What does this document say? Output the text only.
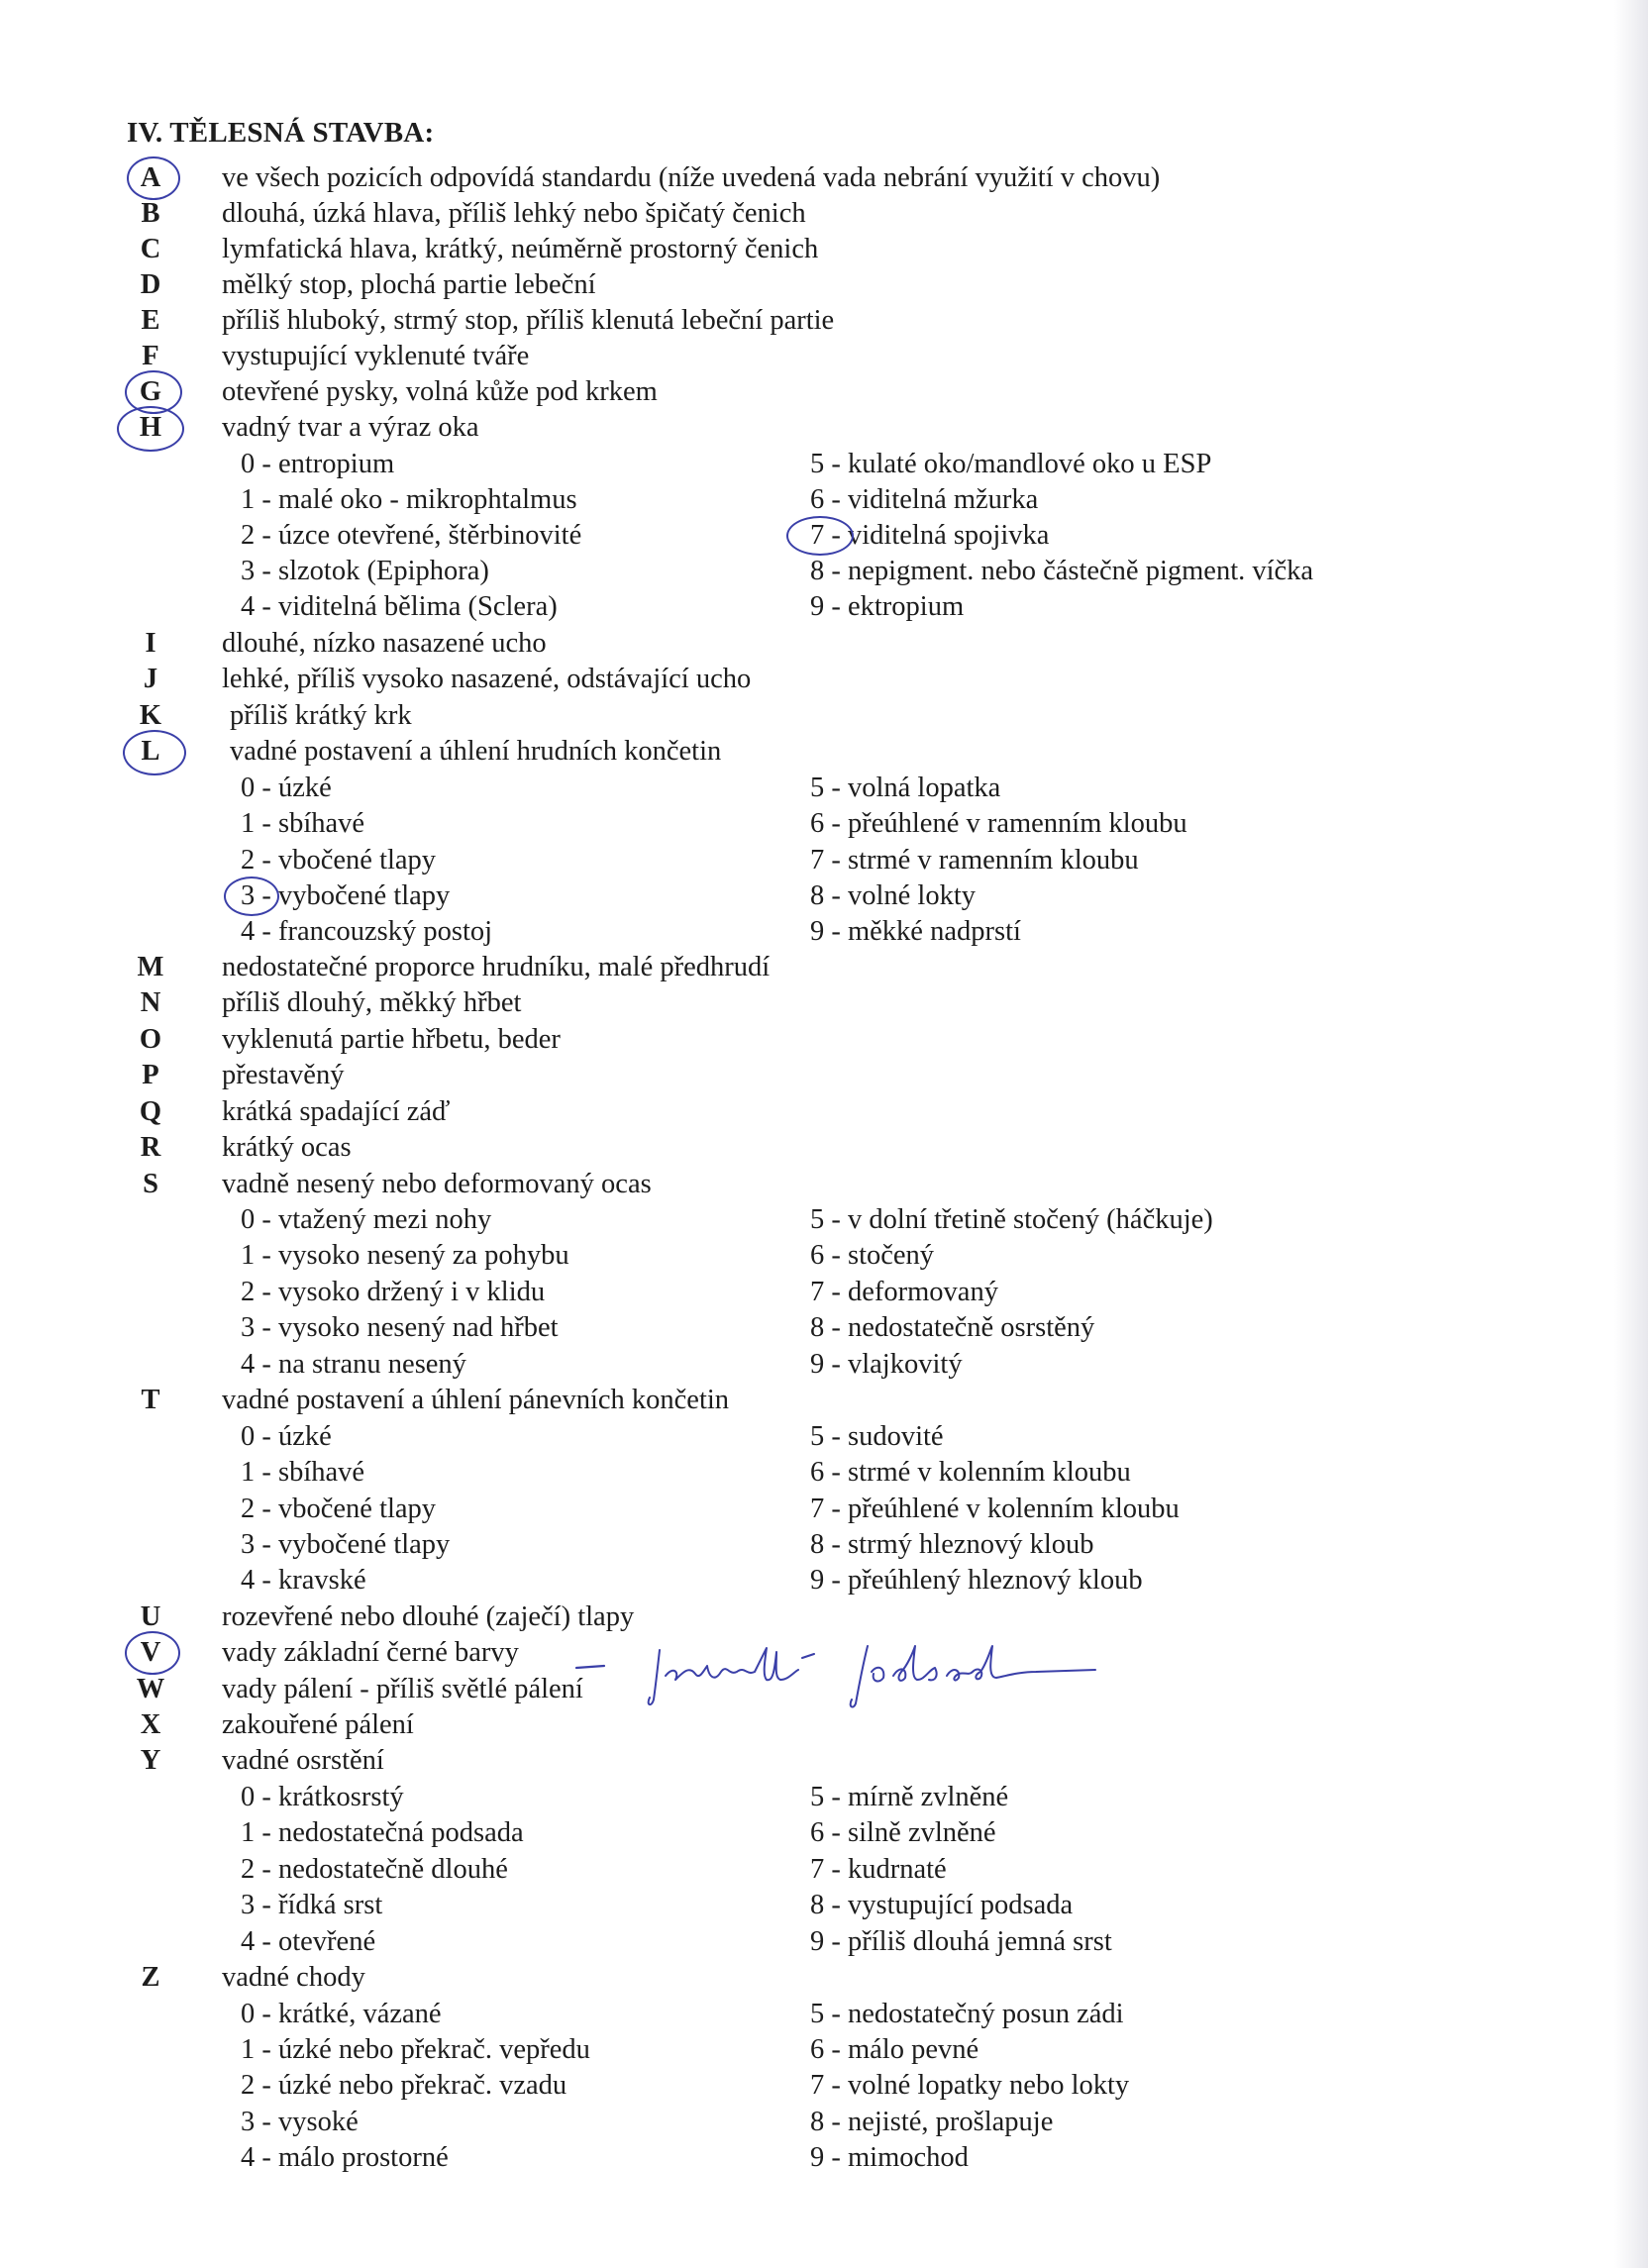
IV. TĚLESNÁ STAVBA:
A	ve všech pozicích odpovídá standardu (níže uvedená vada nebrání využití v chovu)
B	dlouhá, úzká hlava, příliš lehký nebo špičatý čenich
C	lymfatická hlava, krátký, neúměrně prostorný čenich
D	mělký stop, plochá partie lebeční
E	příliš hluboký, strmý stop, příliš klenutá lebeční partie
F	vystupující vyklenuté tváře
G	otevřené pysky, volná kůže pod krkem
H	vadný tvar a výraz oka
0 - entropium	5 - kulaté oko/mandlové oko u ESP
1 - malé oko - mikrophtalmus	6 - viditelná mžurka
2 - úzce otevřené, štěrbinovité	7 - viditelná spojivka
3 - slzotok (Epiphora)	8 - nepigment. nebo částečně pigment. víčka
4 - viditelná bělima (Sclera)	9 - ektropium
I	dlouhé, nízko nasazené ucho
J	lehké, příliš vysoko nasazené, odstávající ucho
K	příliš krátký krk
L	vadné postavení a úhlení hrudních končetin
0 - úzké	5 - volná lopatka
1 - sbíhavé	6 - přeúhlené v ramenním kloubu
2 - vbočené tlapy	7 - strmé v ramenním kloubu
3 - vybočené tlapy	8 - volné lokty
4 - francouzský postoj	9 - měkké nadprstí
M nedostatečné proporce hrudníku, malé předhrudí
N	příliš dlouhý, měkký hřbet
O	vyklenutá partie hřbetu, beder
P	přestavěný
Q	krátká spadající záď
R	krátký ocas
S	vadně nesený nebo deformovaný ocas
0 - vtažený mezi nohy	5 - v dolní třetině stočený (háčkuje)
1 - vysoko nesený za pohybu	6 - stočený
2 - vysoko držený i v klidu	7 - deformovaný
3 - vysoko nesený nad hřbet	8 - nedostatečně osrstěný
4 - na stranu nesený	9 - vlajkovitý
T	vadné postavení a úhlení pánevních končetin
0 - úzké	5 - sudovité
1 - sbíhavé	6 - strmé v kolenním kloubu
2 - vbočené tlapy	7 - přeúhlené v kolenním kloubu
3 - vybočené tlapy	8 - strmý hleznový kloub
4 - kravské	9 - přeúhlený hleznový kloub
U	rozevřené nebo dlouhé (zaječí) tlapy
V	vady základní černé barvy
W vady pálení - příliš světlé pálení
X	zakouřené pálení
Y	vadné osrstění
0 - krátkosrstý	5 - mírně zvlněné
1 - nedostatečná podsada	6 - silně zvlněné
2 - nedostatečně dlouhé	7 - kudrnaté
3 - řídká srst	8 - vystupující podsada
4 - otevřené	9 - příliš dlouhá jemná srst
Z	vadné chody
0 - krátké, vázané	5 - nedostatečný posun zádi
1 - úzké nebo překrač. vepředu	6 - málo pevné
2 - úzké nebo překrač. vzadu	7 - volné lopatky nebo lokty
3 - vysoké	8 - nejisté, prošlapuje
4 - málo prostorné	9 - mimochod
